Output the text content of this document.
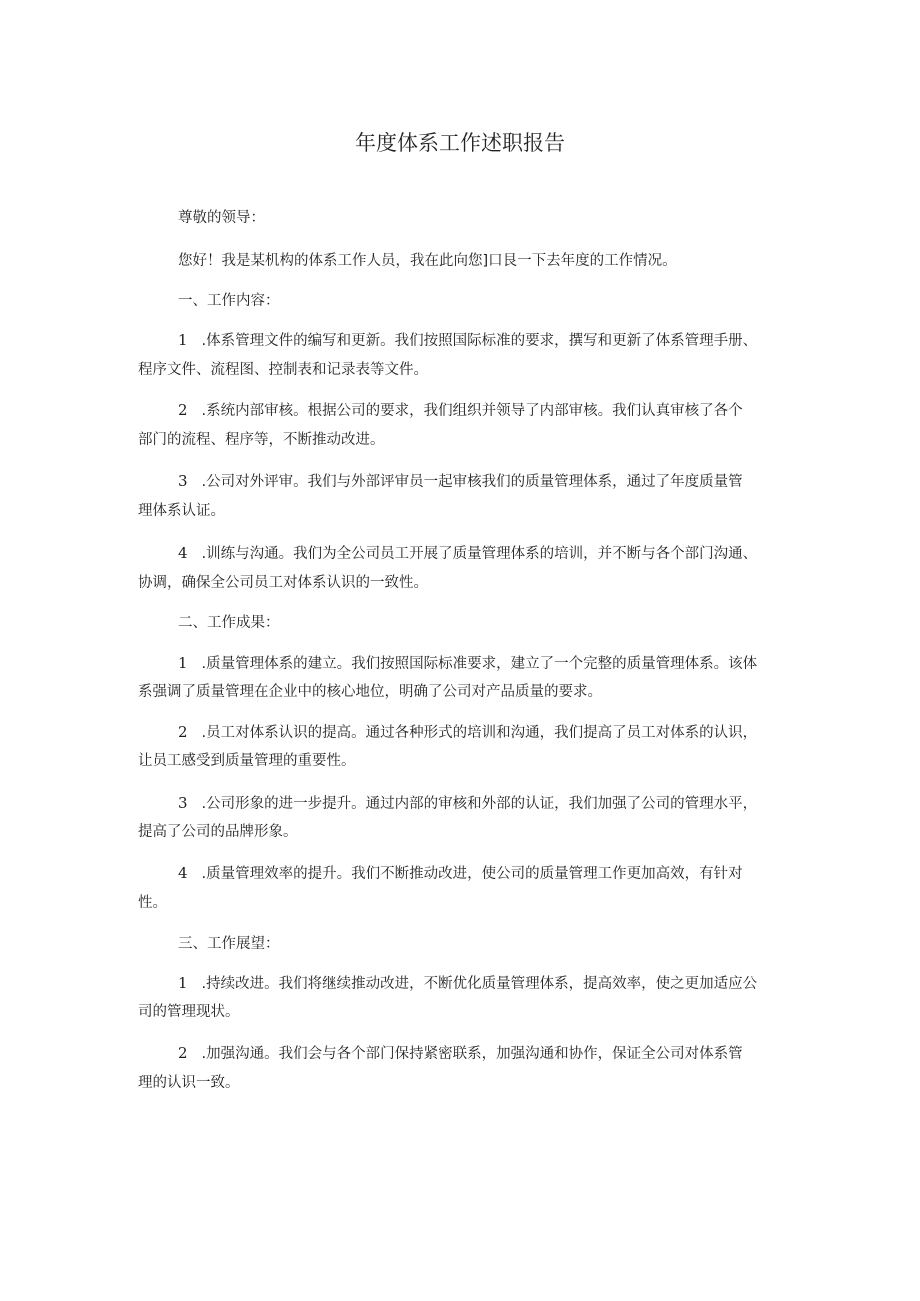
年度体系工作述职报告
尊敬的领导：
您好！我是某机构的体系工作人员，我在此向您]口艮一下去年度的工作情况。
一、工作内容：
1 .体系管理文件的编写和更新。我们按照国际标准的要求，撰写和更新了体系管理手册、
程序文件、流程图、控制表和记录表等文件。
2 .系统内部审核。根据公司的要求，我们组织并领导了内部审核。我们认真审核了各个
部门的流程、程序等，不断推动改进。
3 .公司对外评审。我们与外部评审员一起审核我们的质量管理体系，通过了年度质量管
理体系认证。
4 .训练与沟通。我们为全公司员工开展了质量管理体系的培训，并不断与各个部门沟通、
协调，确保全公司员工对体系认识的一致性。
二、工作成果：
1 .质量管理体系的建立。我们按照国际标准要求，建立了一个完整的质量管理体系。该体
系强调了质量管理在企业中的核心地位，明确了公司对产品质量的要求。
2 .员工对体系认识的提高。通过各种形式的培训和沟通，我们提高了员工对体系的认识，
让员工感受到质量管理的重要性。
3 .公司形象的进一步提升。通过内部的审核和外部的认证，我们加强了公司的管理水平，
提高了公司的品牌形象。
4 .质量管理效率的提升。我们不断推动改进，使公司的质量管理工作更加高效，有针对
性。
三、工作展望：
1 .持续改进。我们将继续推动改进，不断优化质量管理体系，提高效率，使之更加适应公
司的管理现状。
2 .加强沟通。我们会与各个部门保持紧密联系，加强沟通和协作，保证全公司对体系管
理的认识一致。
